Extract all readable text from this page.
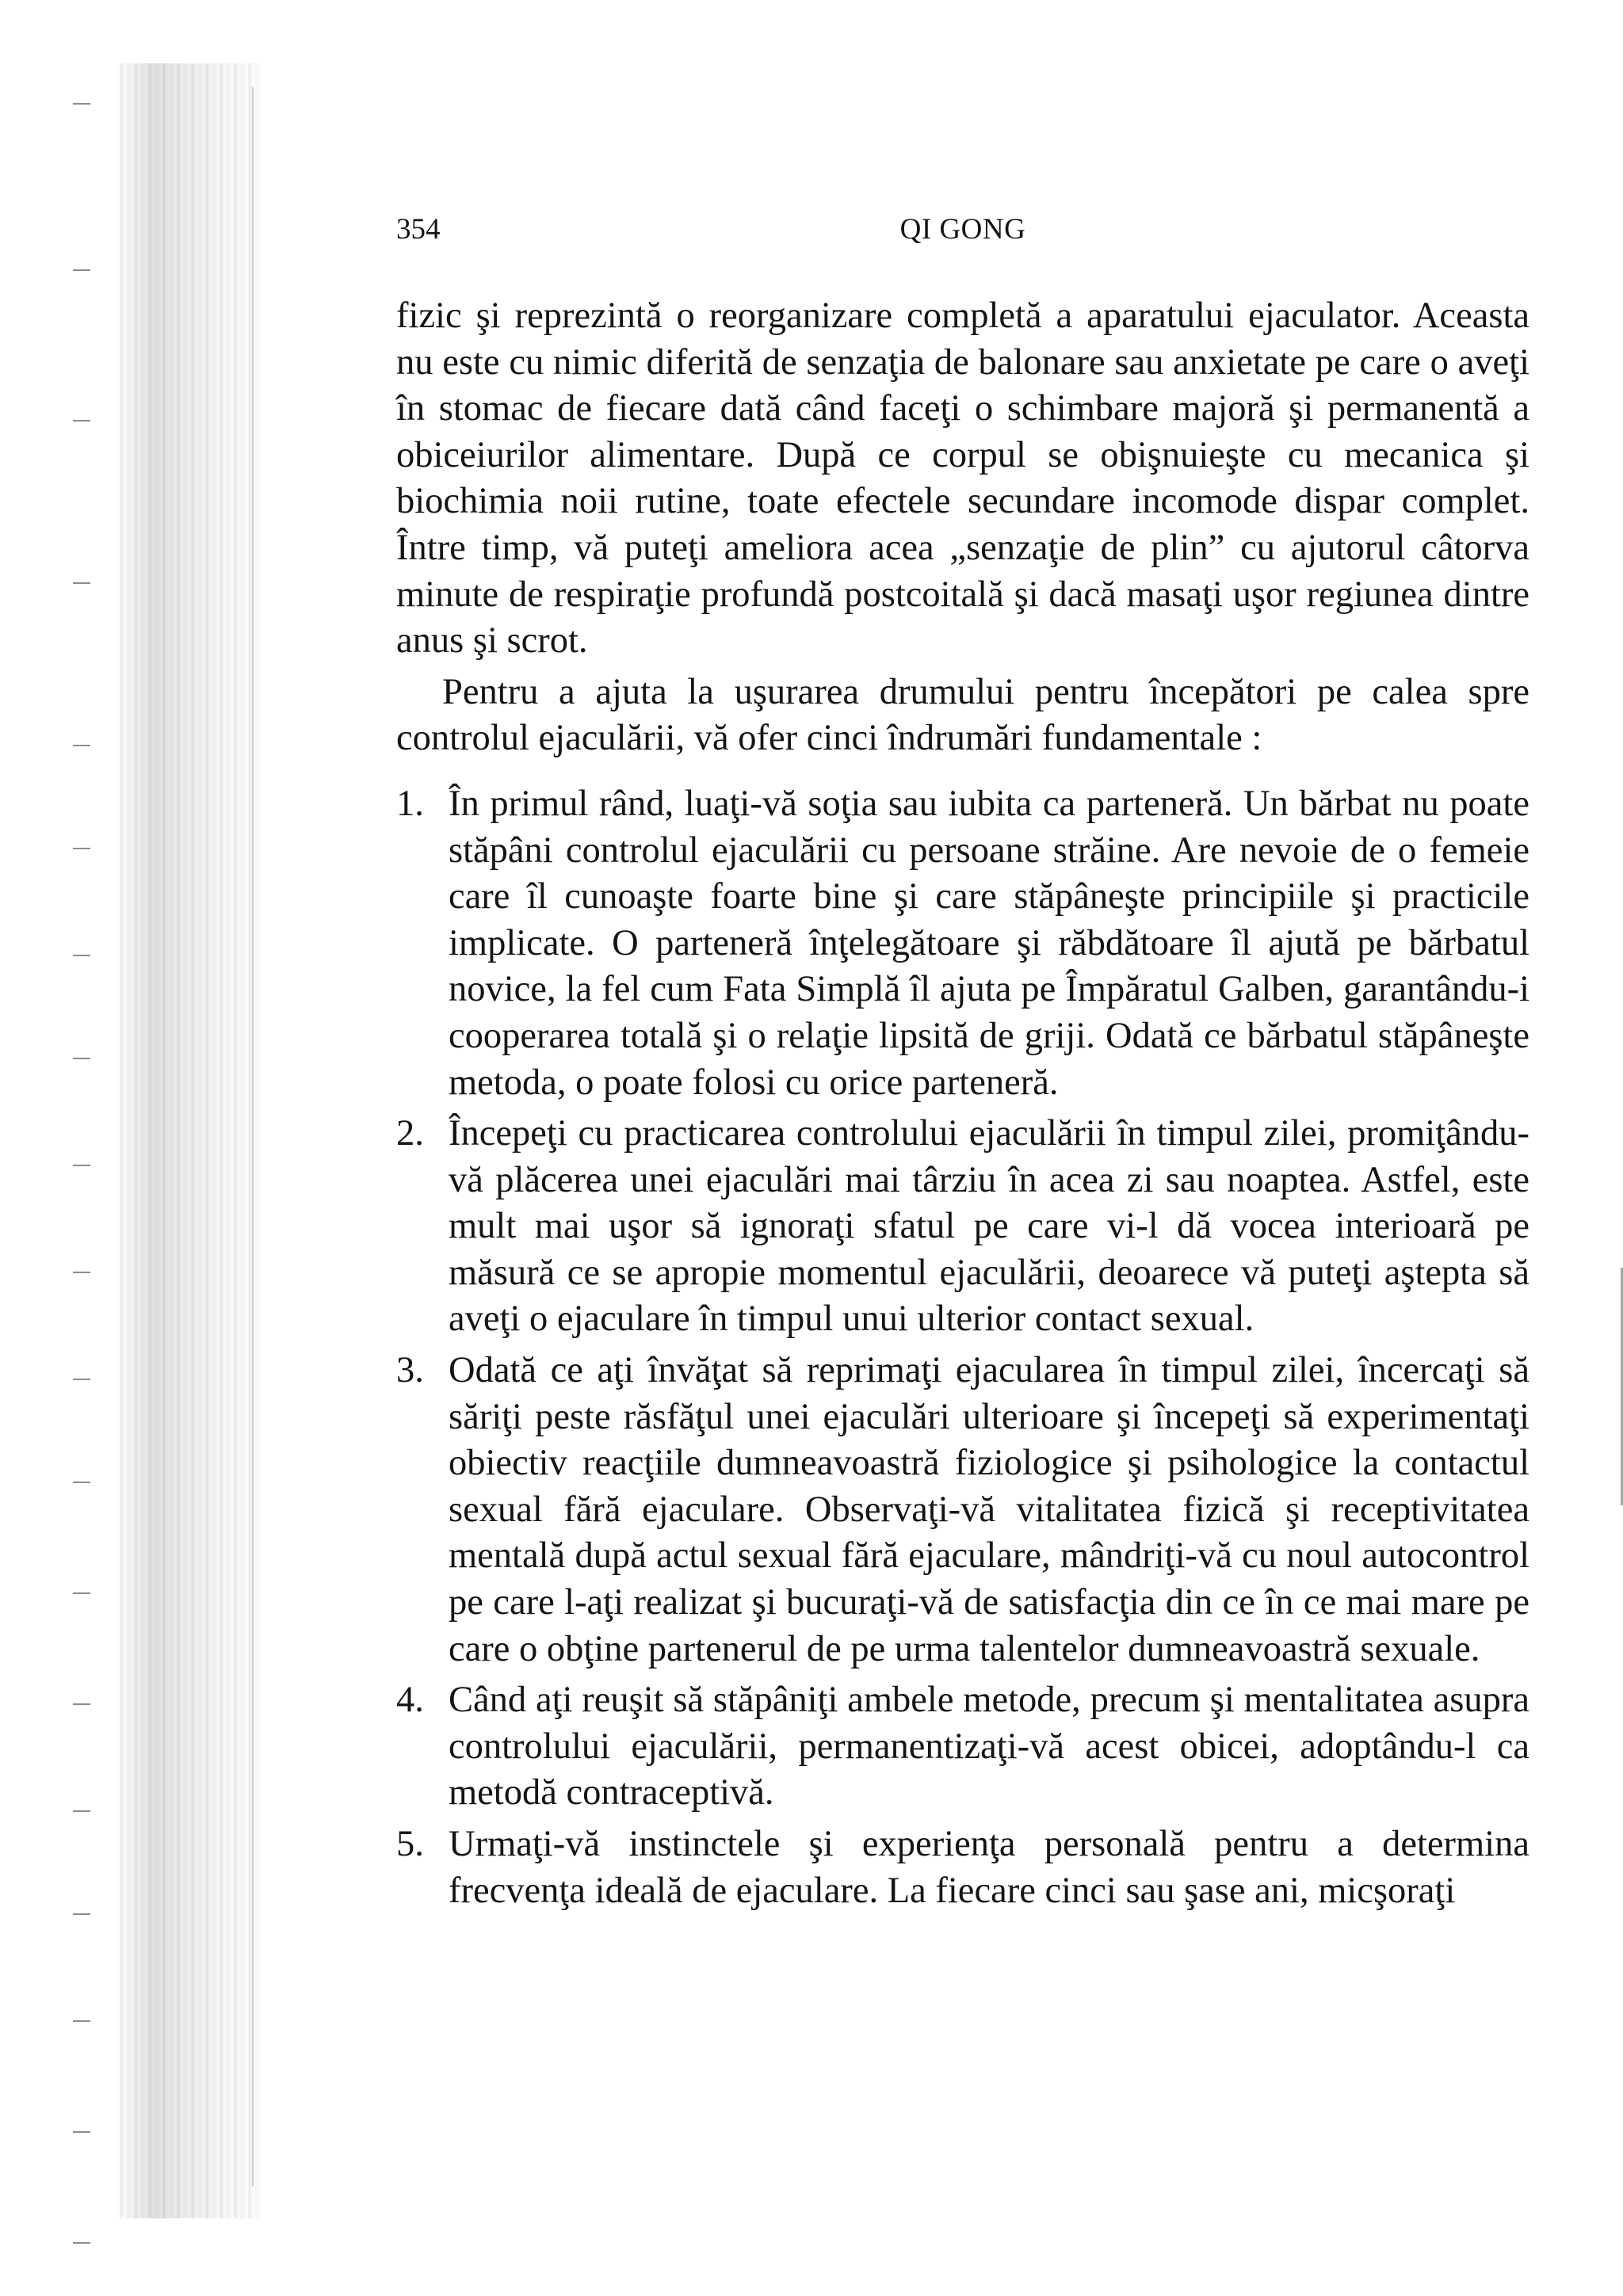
354	QI GONG

fizic şi reprezintă o reorganizare completă a aparatului ejaculator. Aceasta nu este cu nimic diferită de senzaţia de balonare sau anxietate pe care o aveţi în stomac de fiecare dată când faceţi o schimbare majoră şi permanentă a obiceiurilor alimentare. După ce corpul se obişnuieşte cu mecanica şi biochimia noii rutine, toate efectele secundare incomode dispar complet. Între timp, vă puteţi ameliora acea „senzaţie de plin” cu ajutorul câtorva minute de respiraţie profundă postcoitală şi dacă masaţi uşor regiunea dintre anus şi scrot.

Pentru a ajuta la uşurarea drumului pentru începători pe calea spre controlul ejaculării, vă ofer cinci îndrumări fundamentale :

1. În primul rând, luaţi-vă soţia sau iubita ca parteneră. Un bărbat nu poate stăpâni controlul ejaculării cu persoane străine. Are nevoie de o femeie care îl cunoaşte foarte bine şi care stăpâneşte principiile şi practicile implicate. O parteneră înţelegătoare şi răbdătoare îl ajută pe bărbatul novice, la fel cum Fata Simplă îl ajuta pe Împăratul Galben, garantându-i cooperarea totală şi o relaţie lipsită de griji. Odată ce bărbatul stăpâneşte metoda, o poate folosi cu orice parteneră.
2. Începeţi cu practicarea controlului ejaculării în timpul zilei, promiţându-vă plăcerea unei ejaculări mai târziu în acea zi sau noaptea. Astfel, este mult mai uşor să ignoraţi sfatul pe care vi-l dă vocea interioară pe măsură ce se apropie momentul ejaculării, deoarece vă puteţi aştepta să aveţi o ejaculare în timpul unui ulterior contact sexual.
3. Odată ce aţi învăţat să reprimaţi ejacularea în timpul zilei, încercaţi să săriţi peste răsfăţul unei ejaculări ulterioare şi începeţi să experimentaţi obiectiv reacţiile dumneavoastră fiziologice şi psihologice la contactul sexual fără ejaculare. Observaţi-vă vitalitatea fizică şi receptivitatea mentală după actul sexual fără ejaculare, mândriţi-vă cu noul autocontrol pe care l-aţi realizat şi bucuraţi-vă de satisfacţia din ce în ce mai mare pe care o obţine partenerul de pe urma talentelor dumneavoastră sexuale.
4. Când aţi reuşit să stăpâniţi ambele metode, precum şi mentalitatea asupra controlului ejaculării, permanentizaţi-vă acest obicei, adoptându-l ca metodă contraceptivă.
5. Urmaţi-vă instinctele şi experienţa personală pentru a determina frecvenţa ideală de ejaculare. La fiecare cinci sau şase ani, micşoraţi
